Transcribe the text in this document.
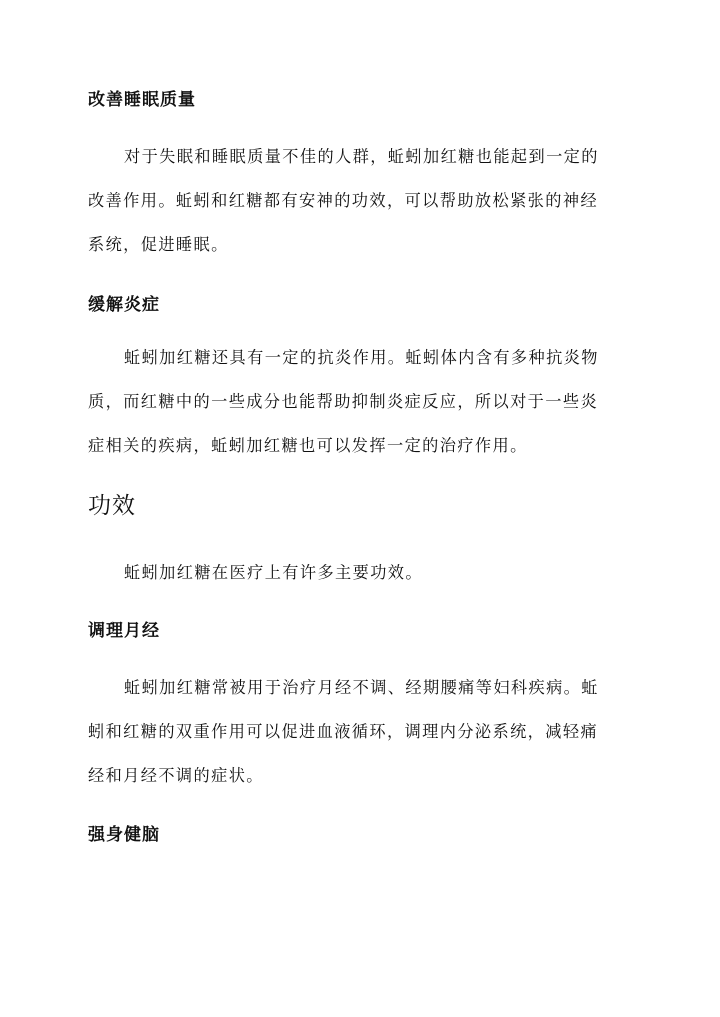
改善睡眠质量
对于失眠和睡眠质量不佳的人群，蚯蚓加红糖也能起到一定的
改善作用。蚯蚓和红糖都有安神的功效，可以帮助放松紧张的神经
系统，促进睡眠。
缓解炎症
蚯蚓加红糖还具有一定的抗炎作用。蚯蚓体内含有多种抗炎物
质，而红糖中的一些成分也能帮助抑制炎症反应，所以对于一些炎
症相关的疾病，蚯蚓加红糖也可以发挥一定的治疗作用。
功效
蚯蚓加红糖在医疗上有许多主要功效。
调理月经
蚯蚓加红糖常被用于治疗月经不调、经期腰痛等妇科疾病。蚯
蚓和红糖的双重作用可以促进血液循环，调理内分泌系统，减轻痛
经和月经不调的症状。
强身健脑
